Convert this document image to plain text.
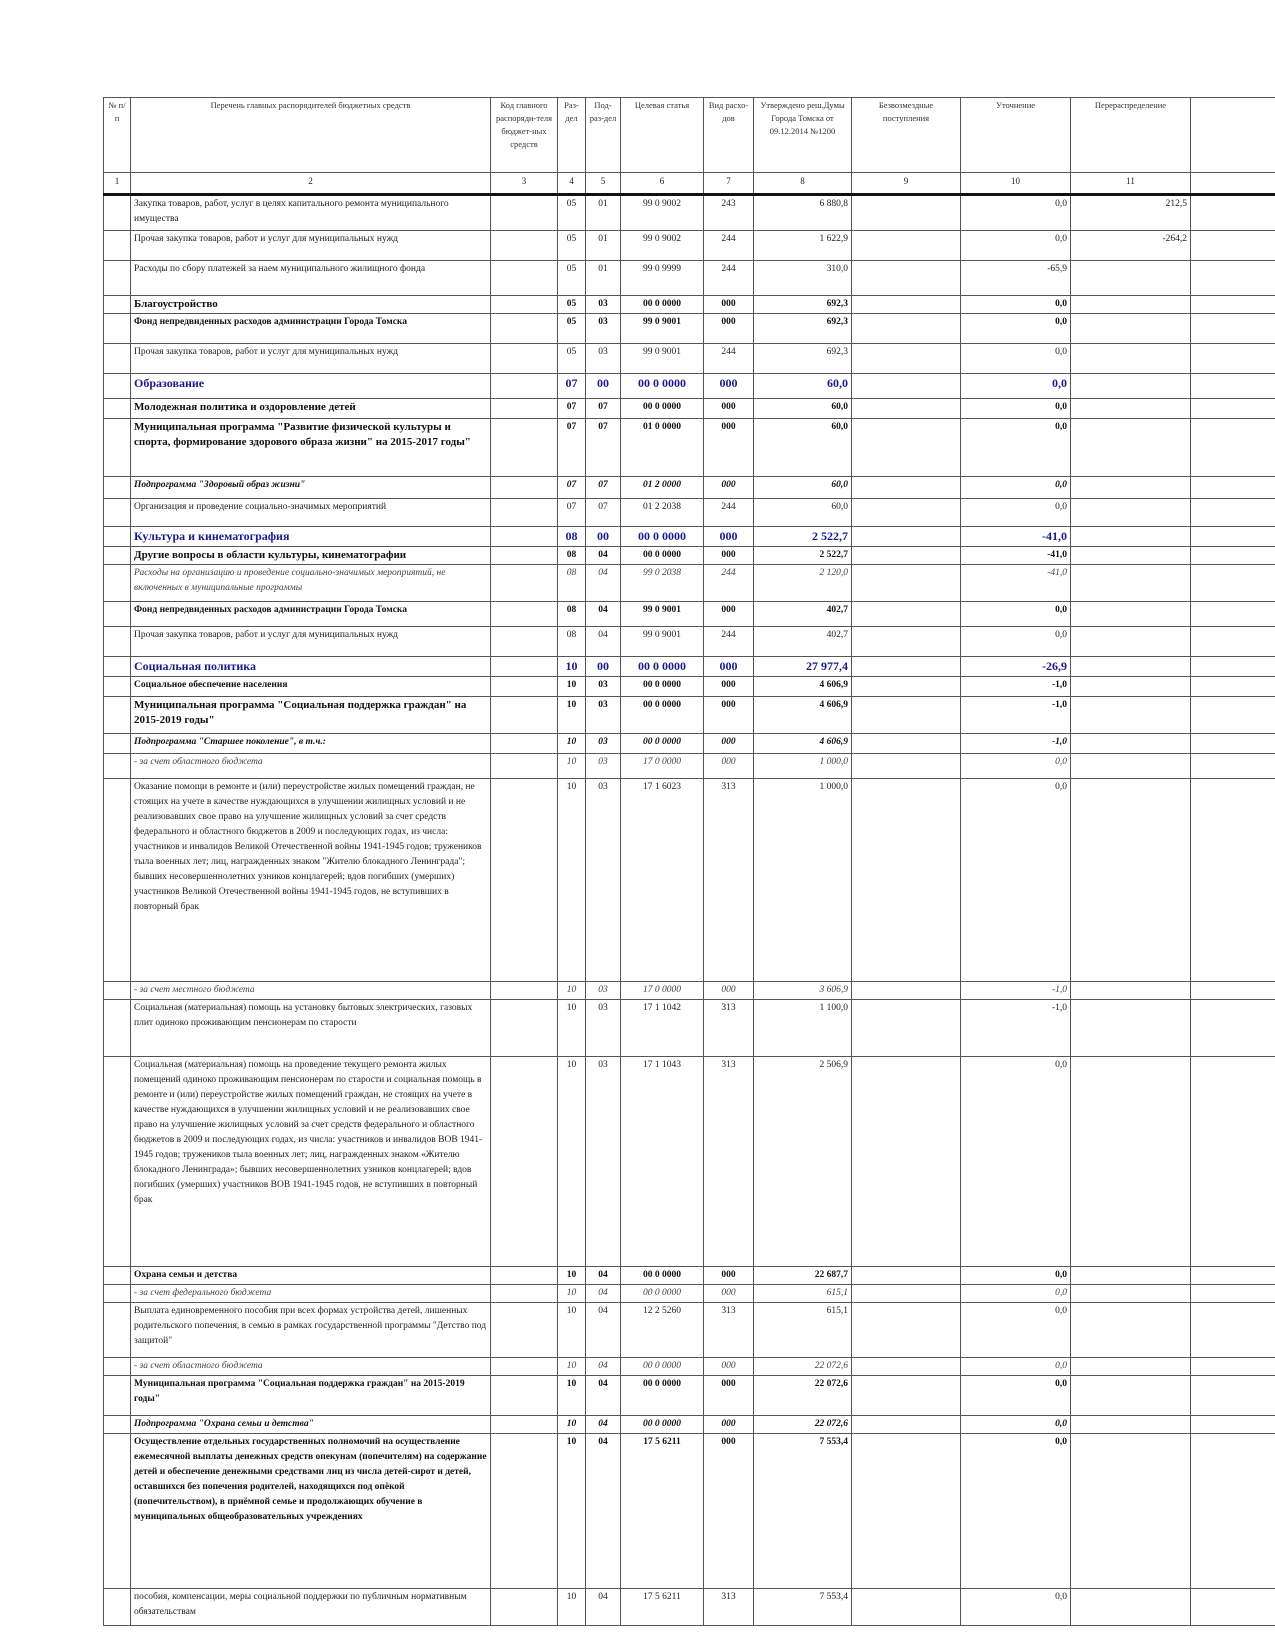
№ п/п	Перечень главных распорядителей бюджетных средств	Код главного распоряди-теля бюджет-ных средств	Раз-дел	Под-раз-дел	Целевая статья	Вид расхо-дов	Утверждено реш.Думы Города Томска от 09.12.2014 №1200	Безвозмездные поступления	Уточнение	Перераспределение	
1	2	3	4	5	6	7	8	9	10	11	
	Закупка товаров, работ, услуг в целях капитального ремонта муниципального имущества		05	01	99 0 9002	243	6 880,8		0,0	212,5	
	Прочая закупка товаров, работ и услуг для муниципальных нужд		05	01	99 0 9002	244	1 622,9		0,0	-264,2	
	Расходы по сбору платежей за наем муниципального жилищного фонда		05	01	99 0 9999	244	310,0		-65,9		
	Благоустройство		05	03	00 0 0000	000	692,3		0,0		
	Фонд непредвиденных расходов администрации Города Томска		05	03	99 0 9001	000	692,3		0,0		
	Прочая закупка товаров, работ и услуг для муниципальных нужд		05	03	99 0 9001	244	692,3		0,0		
	Образование		07	00	00 0 0000	000	60,0		0,0		
	Молодежная политика и оздоровление детей		07	07	00 0 0000	000	60,0		0,0		
	Муниципальная программа "Развитие физической культуры и спорта, формирование здорового образа жизни" на 2015-2017 годы"		07	07	01 0 0000	000	60,0		0,0		
	Подпрограмма "Здоровый образ жизни"		07	07	01 2 0000	000	60,0		0,0		
	Организация и проведение социально-значимых мероприятий		07	07	01 2 2038	244	60,0		0,0		
	Культура и кинематография		08	00	00 0 0000	000	2 522,7		-41,0		
	Другие вопросы в области культуры, кинематографии		08	04	00 0 0000	000	2 522,7		-41,0		
	Расходы на организацию и проведение социально-значимых мероприятий, не включенных в муниципальные программы		08	04	99 0 2038	244	2 120,0		-41,0		
	Фонд непредвиденных расходов администрации Города Томска		08	04	99 0 9001	000	402,7		0,0		
	Прочая закупка товаров, работ и услуг для муниципальных нужд		08	04	99 0 9001	244	402,7		0,0		
	Социальная политика		10	00	00 0 0000	000	27 977,4		-26,9		
	Социальное обеспечение населения		10	03	00 0 0000	000	4 606,9		-1,0		
	Муниципальная программа "Социальная поддержка граждан" на 2015-2019 годы"		10	03	00 0 0000	000	4 606,9		-1,0		
	Подпрограмма "Старшее поколение", в т.ч.:		10	03	00 0 0000	000	4 606,9		-1,0		
	- за счет областного бюджета		10	03	17 0 0000	000	1 000,0		0,0		
	Оказание помощи в ремонте и (или) переустройстве жилых помещений граждан, не стоящих на учете в качестве нуждающихся в улучшении жилищных условий и не реализовавших свое право на улучшение жилищных условий за счет средств федерального и областного бюджетов в 2009 и последующих годах, из числа: участников и инвалидов Великой Отечественной войны 1941-1945 годов; тружеников тыла военных лет; лиц, награжденных знаком "Жителю блокадного Ленинграда"; бывших несовершеннолетних узников концлагерей; вдов погибших (умерших) участников Великой Отечественной войны 1941-1945 годов, не вступивших в повторный брак		10	03	17 1 6023	313	1 000,0		0,0		
	- за счет местного бюджета		10	03	17 0 0000	000	3 606,9		-1,0		
	Социальная (материальная) помощь на установку бытовых электрических, газовых плит одиноко проживающим пенсионерам по старости		10	03	17 1 1042	313	1 100,0		-1,0		
	Социальная (материальная) помощь на проведение текущего ремонта жилых помещений одиноко проживающим пенсионерам по старости и социальная помощь в ремонте и (или) переустройстве жилых помещений граждан, не стоящих на учете в качестве нуждающихся в улучшении жилищных условий и не реализовавших свое право на улучшение жилищных условий за счет средств федерального и областного бюджетов в 2009 и последующих годах, из числа: участников и инвалидов ВОВ 1941-1945 годов; тружеников тыла военных лет; лиц, награжденных знаком «Жителю блокадного Ленинграда»; бывших несовершеннолетних узников концлагерей; вдов погибших (умерших) участников ВОВ 1941-1945 годов, не вступивших в повторный брак		10	03	17 1 1043	313	2 506,9		0,0		
	Охрана семьи и детства		10	04	00 0 0000	000	22 687,7		0,0		
	- за счет федерального бюджета		10	04	00 0 0000	000	615,1		0,0		
	Выплата единовременного пособия при всех формах устройства детей, лишенных родительского попечения, в семью в рамках государственной программы "Детство под защитой"		10	04	12 2 5260	313	615,1		0,0		
	- за счет областного бюджета		10	04	00 0 0000	000	22 072,6		0,0		
	Муниципальная программа "Социальная поддержка граждан" на 2015-2019 годы"		10	04	00 0 0000	000	22 072,6		0,0		
	Подпрограмма "Охрана семьи и детства"		10	04	00 0 0000	000	22 072,6		0,0		
	Осуществление отдельных государственных полномочий на осуществление ежемесячной выплаты денежных средств опекунам (попечителям) на содержание детей и обеспечение денежными средствами лиц из числа детей-сирот и детей, оставшихся без попечения родителей, находящихся под опёкой (попечительством), в приёмной семье и продолжающих обучение в муниципальных общеобразовательных учреждениях		10	04	17 5 6211	000	7 553,4		0,0		
	пособия, компенсации, меры социальной поддержки по публичным нормативным обязательствам		10	04	17 5 6211	313	7 553,4		0,0		
